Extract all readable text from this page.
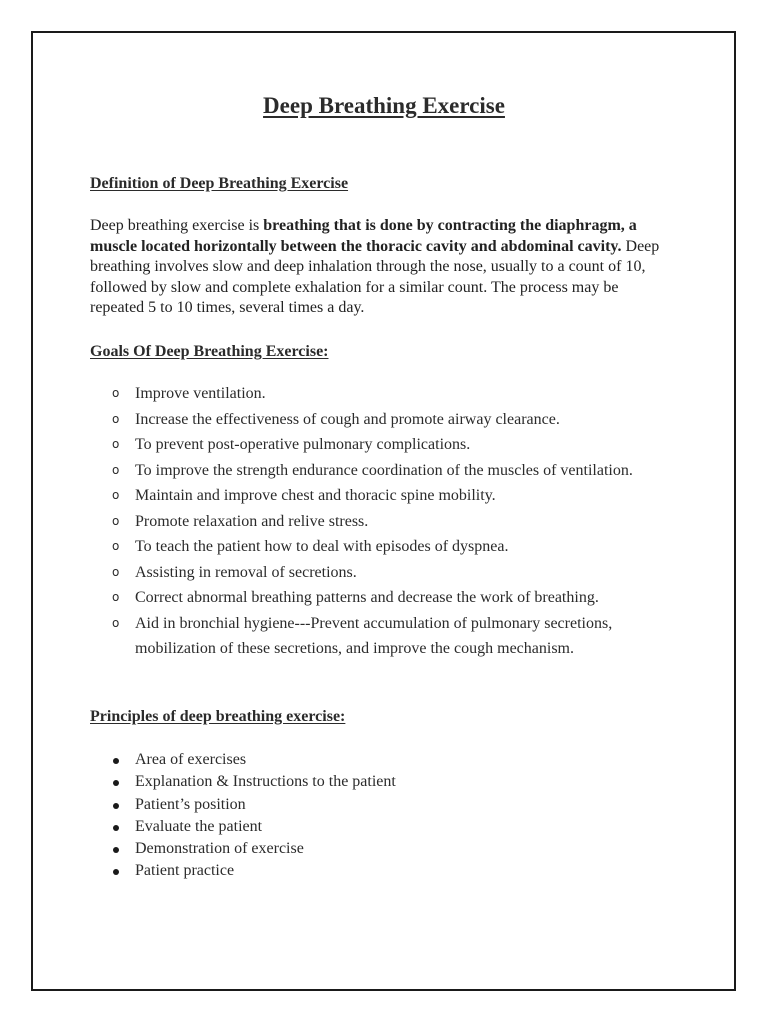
Deep Breathing Exercise
Definition of Deep Breathing Exercise
Deep breathing exercise is breathing that is done by contracting the diaphragm, a muscle located horizontally between the thoracic cavity and abdominal cavity. Deep breathing involves slow and deep inhalation through the nose, usually to a count of 10, followed by slow and complete exhalation for a similar count. The process may be repeated 5 to 10 times, several times a day.
Goals Of Deep Breathing Exercise:
o Improve ventilation.
o Increase the effectiveness of cough and promote airway clearance.
o To prevent post-operative pulmonary complications.
o To improve the strength endurance coordination of the muscles of ventilation.
o Maintain and improve chest and thoracic spine mobility.
o Promote relaxation and relive stress.
o To teach the patient how to deal with episodes of dyspnea.
o Assisting in removal of secretions.
o Correct abnormal breathing patterns and decrease the work of breathing.
o Aid in bronchial hygiene---Prevent accumulation of pulmonary secretions, mobilization of these secretions, and improve the cough mechanism.
Principles of deep breathing exercise:
Area of exercises
Explanation & Instructions to the patient
Patient’s position
Evaluate the patient
Demonstration of exercise
Patient practice
